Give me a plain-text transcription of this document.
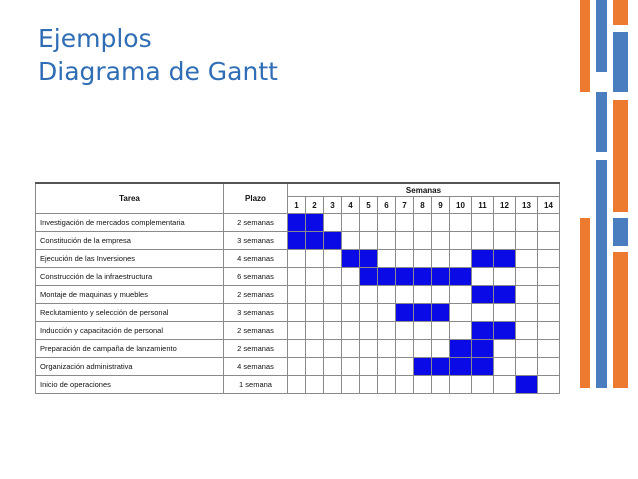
Ejemplos
Diagrama de Gantt
Tarea	Plazo	Semanas													
		1	2	3	4	5	6	7	8	9	10	11	12	13	14
Investigación de mercados complementaria	2 semanas														
Constitución de la empresa	3 semanas														
Ejecución de las Inversiones	4 semanas														
Construcción de la infraestructura	6 semanas														
Montaje de maquinas y muebles	2 semanas														
Reclutamiento y selección de personal	3 semanas														
Inducción y capacitación de personal	2 semanas														
Preparación de campaña de lanzamiento	2 semanas														
Organización administrativa	4 semanas														
Inicio de operaciones	1 semana														
